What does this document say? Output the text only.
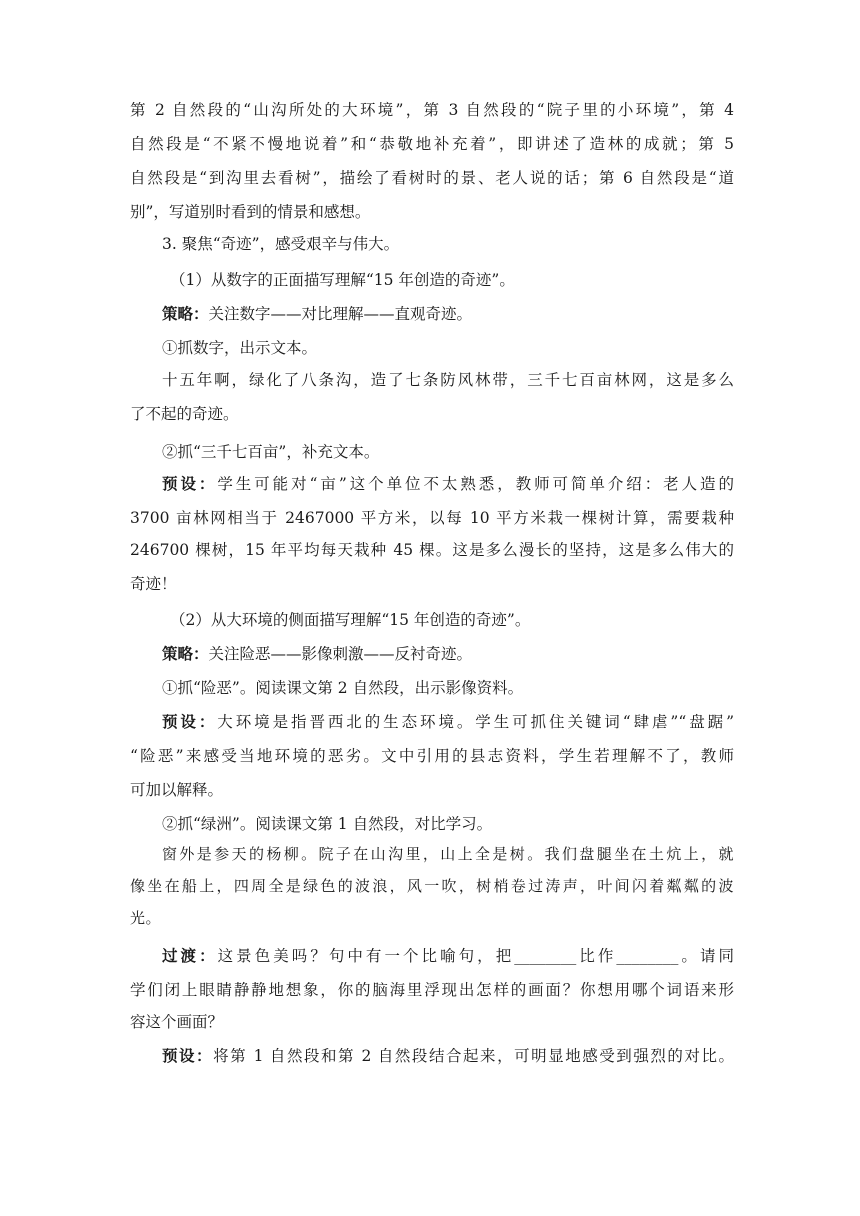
第 2 自然段的“山沟所处的大环境”，第 3 自然段的“院子里的小环境”，第 4
自然段是“不紧不慢地说着”和“恭敬地补充着”，即讲述了造林的成就；第 5
自然段是“到沟里去看树”，描绘了看树时的景、老人说的话；第 6 自然段是“道
别”，写道别时看到的情景和感想。
3. 聚焦“奇迹”，感受艰辛与伟大。
（1）从数字的正面描写理解“15 年创造的奇迹”。
策略：关注数字——对比理解——直观奇迹。
①抓数字，出示文本。
十五年啊，绿化了八条沟，造了七条防风林带，三千七百亩林网，这是多么
了不起的奇迹。
②抓“三千七百亩”，补充文本。
预设：学生可能对“亩”这个单位不太熟悉，教师可简单介绍：老人造的
3700 亩林网相当于 2467000 平方米，以每 10 平方米栽一棵树计算，需要栽种
246700 棵树，15 年平均每天栽种 45 棵。这是多么漫长的坚持，这是多么伟大的
奇迹！
（2）从大环境的侧面描写理解“15 年创造的奇迹”。
策略：关注险恶——影像刺激——反衬奇迹。
①抓“险恶”。阅读课文第 2 自然段，出示影像资料。
预设：大环境是指晋西北的生态环境。学生可抓住关键词“肆虐”“盘踞”
“险恶”来感受当地环境的恶劣。文中引用的县志资料，学生若理解不了，教师
可加以解释。
②抓“绿洲”。阅读课文第 1 自然段，对比学习。
窗外是参天的杨柳。院子在山沟里，山上全是树。我们盘腿坐在土炕上，就
像坐在船上，四周全是绿色的波浪，风一吹，树梢卷过涛声，叶间闪着粼粼的波
光。
过渡：这景色美吗？句中有一个比喻句，把________比作________。请同
学们闭上眼睛静静地想象，你的脑海里浮现出怎样的画面？你想用哪个词语来形
容这个画面？
预设：将第 1 自然段和第 2 自然段结合起来，可明显地感受到强烈的对比。
